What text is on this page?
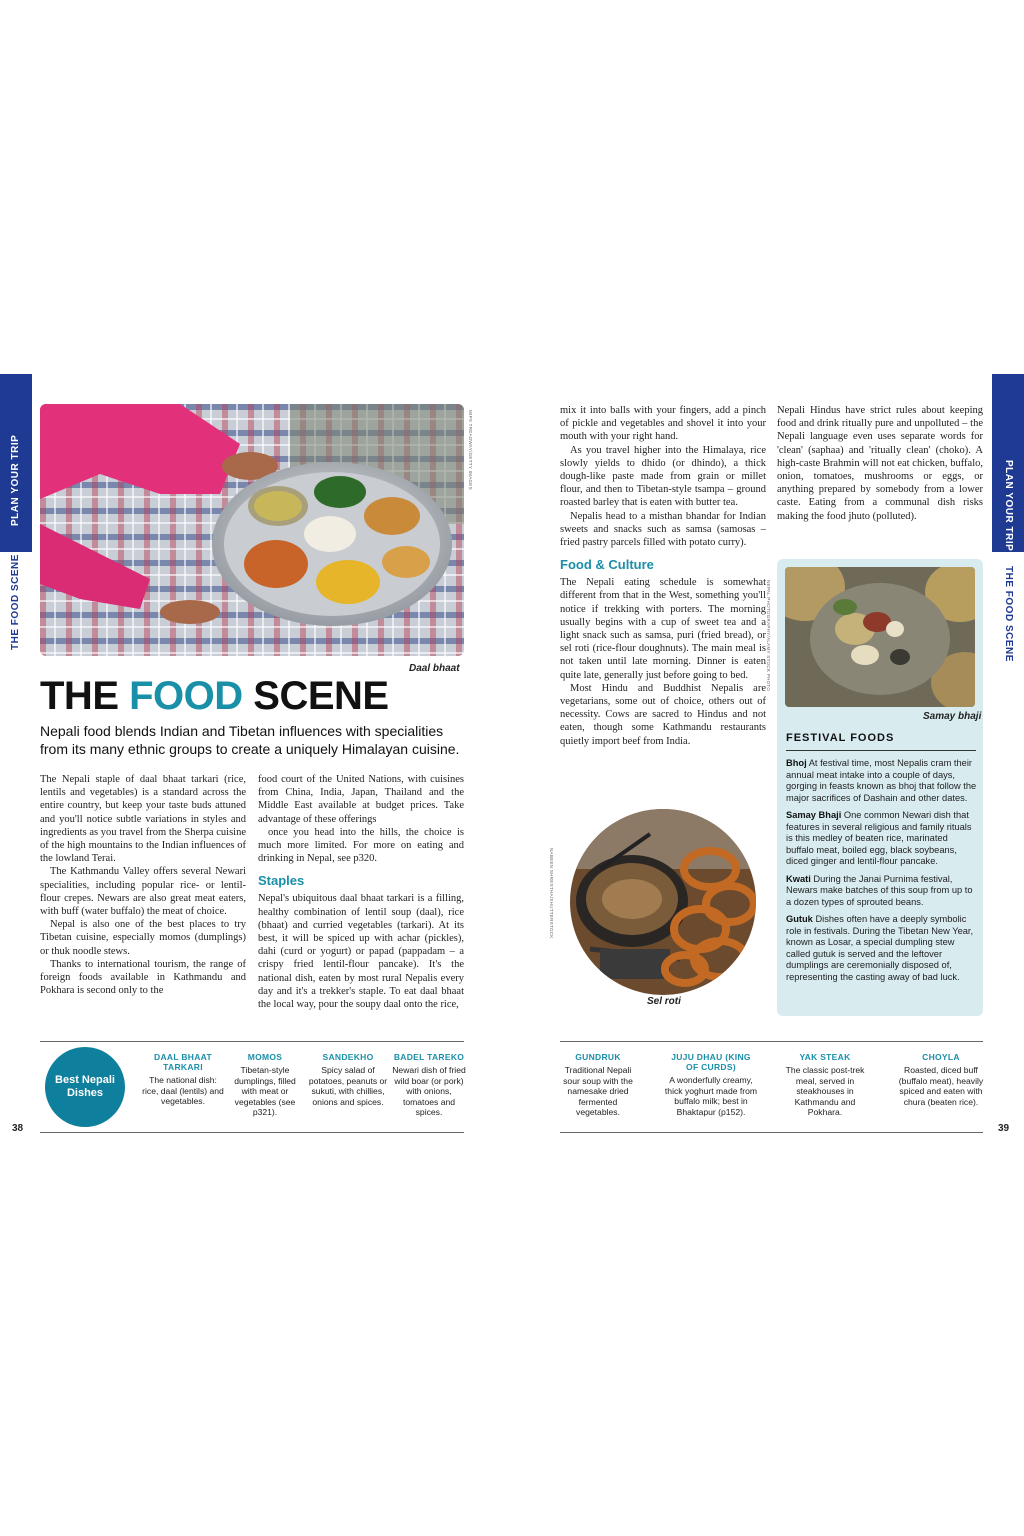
PLAN YOUR TRIP
THE FOOD SCENE
PLAN YOUR TRIP
THE FOOD SCENE
MIPS TREADWAY/GETTY IMAGES
Daal bhaat
THE FOOD SCENE
Nepali food blends Indian and Tibetan influences with specialities from its many ethnic groups to create a uniquely Himalayan cuisine.

The Nepali staple of daal bhaat tarkari (rice, lentils and vegetables) is a standard across the entire country, but keep your taste buds attuned and you'll notice subtle variations in styles and ingredients as you travel from the Sherpa cuisine of the high mountains to the Indian influences of the lowland Terai.

The Kathmandu Valley offers several Newari specialities, including popular rice- or lentil-flour crepes. Newars are also great meat eaters, with buff (water buffalo) the meat of choice.

Nepal is also one of the best places to try Tibetan cuisine, especially momos (dumplings) or thuk noodle stews.

Thanks to international tourism, the range of foreign foods available in Kathmandu and Pokhara is second only to the

food court of the United Nations, with cuisines from China, India, Japan, Thailand and the Middle East available at budget prices. Take advantage of these offerings

once you head into the hills, the choice is much more limited. For more on eating and drinking in Nepal, see p320.

Staples

Nepal's ubiquitous daal bhaat tarkari is a filling, healthy combination of lentil soup (daal), rice (bhaat) and curried vegetables (tarkari). At its best, it will be spiced up with achar (pickles), dahi (curd or yogurt) or papad (pappadam – a crispy fried lentil-flour pancake). It's the national dish, eaten by most rural Nepalis every day and it's a trekker's staple. To eat daal bhaat the local way, pour the soupy daal onto the rice,

Best Nepali Dishes
DAAL BHAAT TARKARI
The national dish: rice, daal (lentils) and vegetables.
MOMOS
Tibetan-style dumplings, filled with meat or vegetables (see p321).
SANDEKHO
Spicy salad of potatoes, peanuts or sukuti, with chillies, onions and spices.
BADEL TAREKO
Newari dish of fried wild boar (or pork) with onions, tomatoes and spices.
38

mix it into balls with your fingers, add a pinch of pickle and vegetables and shovel it into your mouth with your right hand.

As you travel higher into the Himalaya, rice slowly yields to dhido (or dhindo), a thick dough-like paste made from grain or millet flour, and then to Tibetan-style tsampa – ground roasted barley that is eaten with butter tea.

Nepalis head to a misthan bhandar for Indian sweets and snacks such as samsa (samosas – fried pastry parcels filled with potato curry).

Food & Culture

The Nepali eating schedule is somewhat different from that in the West, something you'll notice if trekking with porters. The morning usually begins with a cup of sweet tea and a light snack such as samsa, puri (fried bread), or sel roti (rice-flour doughnuts). The main meal is not taken until late morning. Dinner is eaten quite late, generally just before going to bed.

Most Hindu and Buddhist Nepalis are vegetarians, some out of choice, others out of necessity. Cows are sacred to Hindus and not eaten, though some Kathmandu restaurants quietly import beef from India.

NABEEN SHRESTHA/SHUTTERSTOCK
Sel roti

Nepali Hindus have strict rules about keeping food and drink ritually pure and unpolluted – the Nepali language even uses separate words for 'clean' (saphaa) and 'ritually clean' (choko). A high-caste Brahmin will not eat chicken, buffalo, onion, tomatoes, mushrooms or eggs, or anything prepared by somebody from a lower caste. Eating from a communal dish risks making the food jhuto (polluted).

Samay bhaji
FESTIVAL FOODS
Bhoj At festival time, most Nepalis cram their annual meat intake into a couple of days, gorging in feasts known as bhoj that follow the major sacrifices of Dashain and other dates.
Samay Bhaji One common Newari dish that features in several religious and family rituals is this medley of beaten rice, marinated buffalo meat, boiled egg, black soybeans, diced ginger and lentil-flour pancake.
Kwati During the Janai Purnima festival, Newars make batches of this soup from up to a dozen types of sprouted beans.
Gutuk Dishes often have a deeply symbolic role in festivals. During the Tibetan New Year, known as Losar, a special dumpling stew called gutuk is served and the leftover dumplings are ceremonially disposed of, representing the casting away of bad luck.
NEPAL PHOTOGRAPHY/ALAMY STOCK PHOTO
GUNDRUK
Traditional Nepali sour soup with the namesake dried fermented vegetables.
JUJU DHAU (KING OF CURDS)
A wonderfully creamy, thick yoghurt made from buffalo milk; best in Bhaktapur (p152).
YAK STEAK
The classic post-trek meal, served in steakhouses in Kathmandu and Pokhara.
CHOYLA
Roasted, diced buff (buffalo meat), heavily spiced and eaten with chura (beaten rice).
39
